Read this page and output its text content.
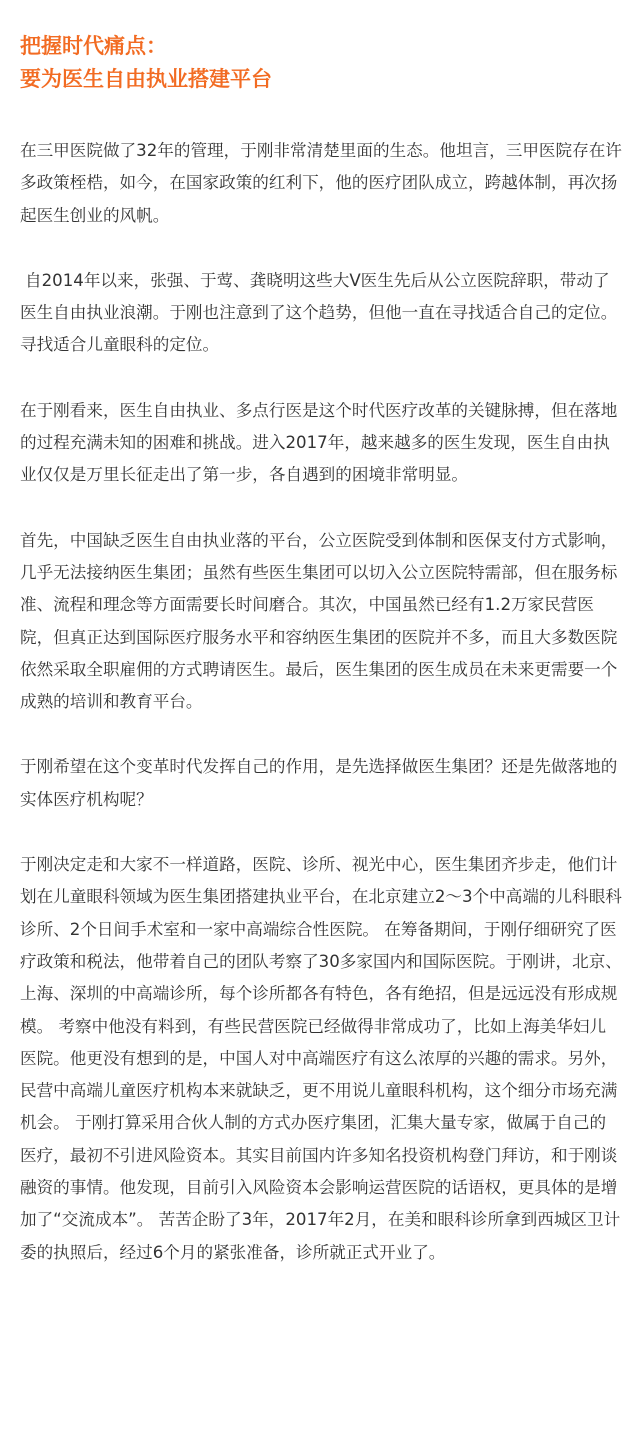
把握时代痛点：
要为医生自由执业搭建平台

在三甲医院做了32年的管理，于刚非常清楚里面的生态。他坦言，三甲医院存在许多政策桎梏，如今，在国家政策的红利下，他的医疗团队成立，跨越体制，再次扬起医生创业的风帆。

自2014年以来，张强、于莺、龚晓明这些大V医生先后从公立医院辞职，带动了医生自由执业浪潮。于刚也注意到了这个趋势，但他一直在寻找适合自己的定位。寻找适合儿童眼科的定位。

在于刚看来，医生自由执业、多点行医是这个时代医疗改革的关键脉搏，但在落地的过程充满未知的困难和挑战。进入2017年，越来越多的医生发现，医生自由执业仅仅是万里长征走出了第一步，各自遇到的困境非常明显。

首先，中国缺乏医生自由执业落的平台，公立医院受到体制和医保支付方式影响，几乎无法接纳医生集团；虽然有些医生集团可以切入公立医院特需部，但在服务标准、流程和理念等方面需要长时间磨合。其次，中国虽然已经有1.2万家民营医院，但真正达到国际医疗服务水平和容纳医生集团的医院并不多，而且大多数医院依然采取全职雇佣的方式聘请医生。最后，医生集团的医生成员在未来更需要一个成熟的培训和教育平台。

于刚希望在这个变革时代发挥自己的作用，是先选择做医生集团？还是先做落地的实体医疗机构呢？

于刚决定走和大家不一样道路，医院、诊所、视光中心，医生集团齐步走，他们计划在儿童眼科领域为医生集团搭建执业平台，在北京建立2～3个中高端的儿科眼科诊所、2个日间手术室和一家中高端综合性医院。 在筹备期间，于刚仔细研究了医疗政策和税法，他带着自己的团队考察了30多家国内和国际医院。于刚讲，北京、上海、深圳的中高端诊所，每个诊所都各有特色，各有绝招，但是远远没有形成规模。 考察中他没有料到，有些民营医院已经做得非常成功了，比如上海美华妇儿医院。他更没有想到的是，中国人对中高端医疗有这么浓厚的兴趣的需求。另外，民营中高端儿童医疗机构本来就缺乏，更不用说儿童眼科机构，这个细分市场充满机会。 于刚打算采用合伙人制的方式办医疗集团，汇集大量专家，做属于自己的医疗，最初不引进风险资本。其实目前国内许多知名投资机构登门拜访，和于刚谈融资的事情。他发现，目前引入风险资本会影响运营医院的话语权，更具体的是增加了“交流成本”。 苦苦企盼了3年，2017年2月，在美和眼科诊所拿到西城区卫计委的执照后，经过6个月的紧张准备，诊所就正式开业了。
